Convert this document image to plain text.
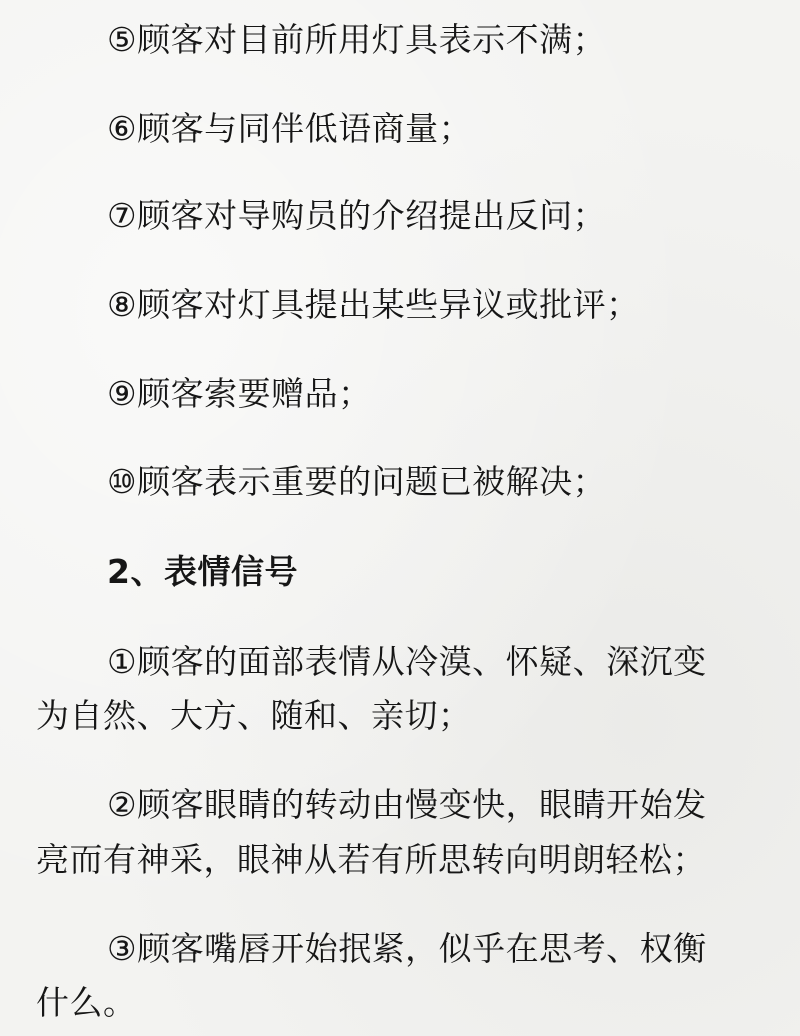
⑤顾客对目前所用灯具表示不满；
⑥顾客与同伴低语商量；
⑦顾客对导购员的介绍提出反问；
⑧顾客对灯具提出某些异议或批评；
⑨顾客索要赠品；
⑩顾客表示重要的问题已被解决；
2、表情信号
①顾客的面部表情从冷漠、怀疑、深沉变
为自然、大方、随和、亲切；
②顾客眼睛的转动由慢变快，眼睛开始发
亮而有神采，眼神从若有所思转向明朗轻松；
③顾客嘴唇开始抿紧，似乎在思考、权衡
什么。
